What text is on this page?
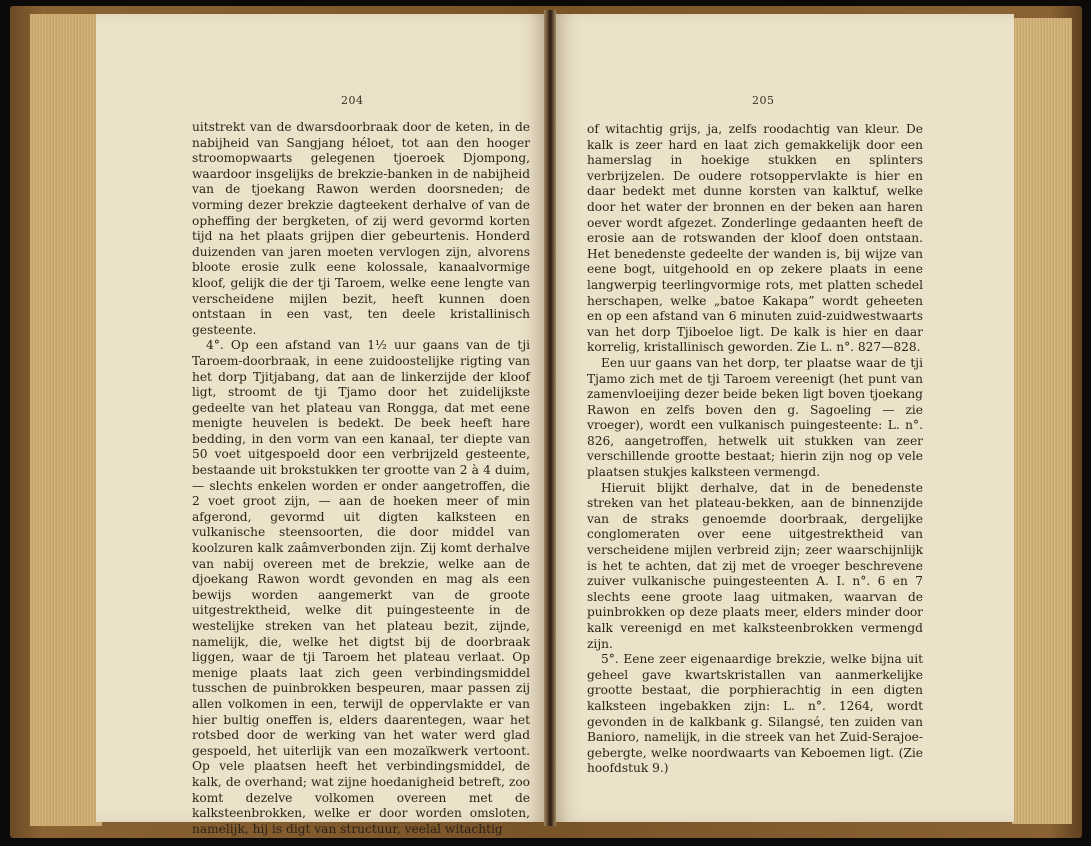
204

uitstrekt van de dwarsdoorbraak door de keten, in de nabijheid van Sangjang héloet, tot aan den hooger stroomopwaarts gelegenen tjoeroek Djompong, waardoor insgelijks de brekzie-banken in de nabijheid van de tjoekang Rawon werden doorsneden; de vorming dezer brekzie dagteekent derhalve of van de opheffing der bergketen, of zij werd gevormd korten tijd na het plaats grijpen dier gebeurtenis. Honderd duizenden van jaren moeten vervlogen zijn, alvorens bloote erosie zulk eene kolossale, kanaalvormige kloof, gelijk die der tji Taroem, welke eene lengte van verscheidene mijlen bezit, heeft kunnen doen ontstaan in een vast, ten deele kristallinisch gesteente.

4°. Op een afstand van 1½ uur gaans van de tji Taroem-doorbraak, in eene zuidoostelijke rigting van het dorp Tjitjabang, dat aan de linkerzijde der kloof ligt, stroomt de tji Tjamo door het zuidelijkste gedeelte van het plateau van Rongga, dat met eene menigte heuvelen is bedekt. De beek heeft hare bedding, in den vorm van een kanaal, ter diepte van 50 voet uitgespoeld door een verbrijzeld gesteente, bestaande uit brokstukken ter grootte van 2 à 4 duim, — slechts enkelen worden er onder aangetroffen, die 2 voet groot zijn, — aan de hoeken meer of min afgerond, gevormd uit digten kalksteen en vulkanische steensoorten, die door middel van koolzuren kalk zaâmverbonden zijn. Zij komt derhalve van nabij overeen met de brekzie, welke aan de djoekang Rawon wordt gevonden en mag als een bewijs worden aangemerkt van de groote uitgestrektheid, welke dit puingesteente in de westelijke streken van het plateau bezit, zijnde, namelijk, die, welke het digtst bij de doorbraak liggen, waar de tji Taroem het plateau verlaat. Op menige plaats laat zich geen verbindingsmiddel tusschen de puinbrokken bespeuren, maar passen zij allen volkomen in een, terwijl de oppervlakte er van hier bultig oneffen is, elders daarentegen, waar het rotsbed door de werking van het water werd glad gespoeld, het uiterlijk van een mozaïkwerk vertoont. Op vele plaatsen heeft het verbindingsmiddel, de kalk, de overhand; wat zijne hoedanigheid betreft, zoo komt dezelve volkomen overeen met de kalksteenbrokken, welke er door worden omsloten, namelijk, hij is digt van structuur, veelal witachtig

205

of witachtig grijs, ja, zelfs roodachtig van kleur. De kalk is zeer hard en laat zich gemakkelijk door een hamerslag in hoekige stukken en splinters verbrijzelen. De oudere rotsoppervlakte is hier en daar bedekt met dunne korsten van kalktuf, welke door het water der bronnen en der beken aan haren oever wordt afgezet. Zonderlinge gedaanten heeft de erosie aan de rotswanden der kloof doen ontstaan. Het benedenste gedeelte der wanden is, bij wijze van eene bogt, uitgehoold en op zekere plaats in eene langwerpig teerlingvormige rots, met platten schedel herschapen, welke „batoe Kakapa” wordt geheeten en op een afstand van 6 minuten zuid-zuidwestwaarts van het dorp Tjiboeloe ligt. De kalk is hier en daar korrelig, kristallinisch geworden. Zie L. n°. 827—828.

Een uur gaans van het dorp, ter plaatse waar de tji Tjamo zich met de tji Taroem vereenigt (het punt van zamenvloeijing dezer beide beken ligt boven tjoekang Rawon en zelfs boven den g. Sagoeling — zie vroeger), wordt een vulkanisch puingesteente: L. n°. 826, aangetroffen, hetwelk uit stukken van zeer verschillende grootte bestaat; hierin zijn nog op vele plaatsen stukjes kalksteen vermengd.

Hieruit blijkt derhalve, dat in de benedenste streken van het plateau-bekken, aan de binnenzijde van de straks genoemde doorbraak, dergelijke conglomeraten over eene uitgestrektheid van verscheidene mijlen verbreid zijn; zeer waarschijnlijk is het te achten, dat zij met de vroeger beschrevene zuiver vulkanische puingesteenten A. I. n°. 6 en 7 slechts eene groote laag uitmaken, waarvan de puinbrokken op deze plaats meer, elders minder door kalk vereenigd en met kalksteenbrokken vermengd zijn.

5°. Eene zeer eigenaardige brekzie, welke bijna uit geheel gave kwartskristallen van aanmerkelijke grootte bestaat, die porphierachtig in een digten kalksteen ingebakken zijn: L. n°. 1264, wordt gevonden in de kalkbank g. Silangsé, ten zuiden van Banioro, namelijk, in die streek van het Zuid-Serajoe-gebergte, welke noordwaarts van Keboemen ligt. (Zie hoofdstuk 9.)
